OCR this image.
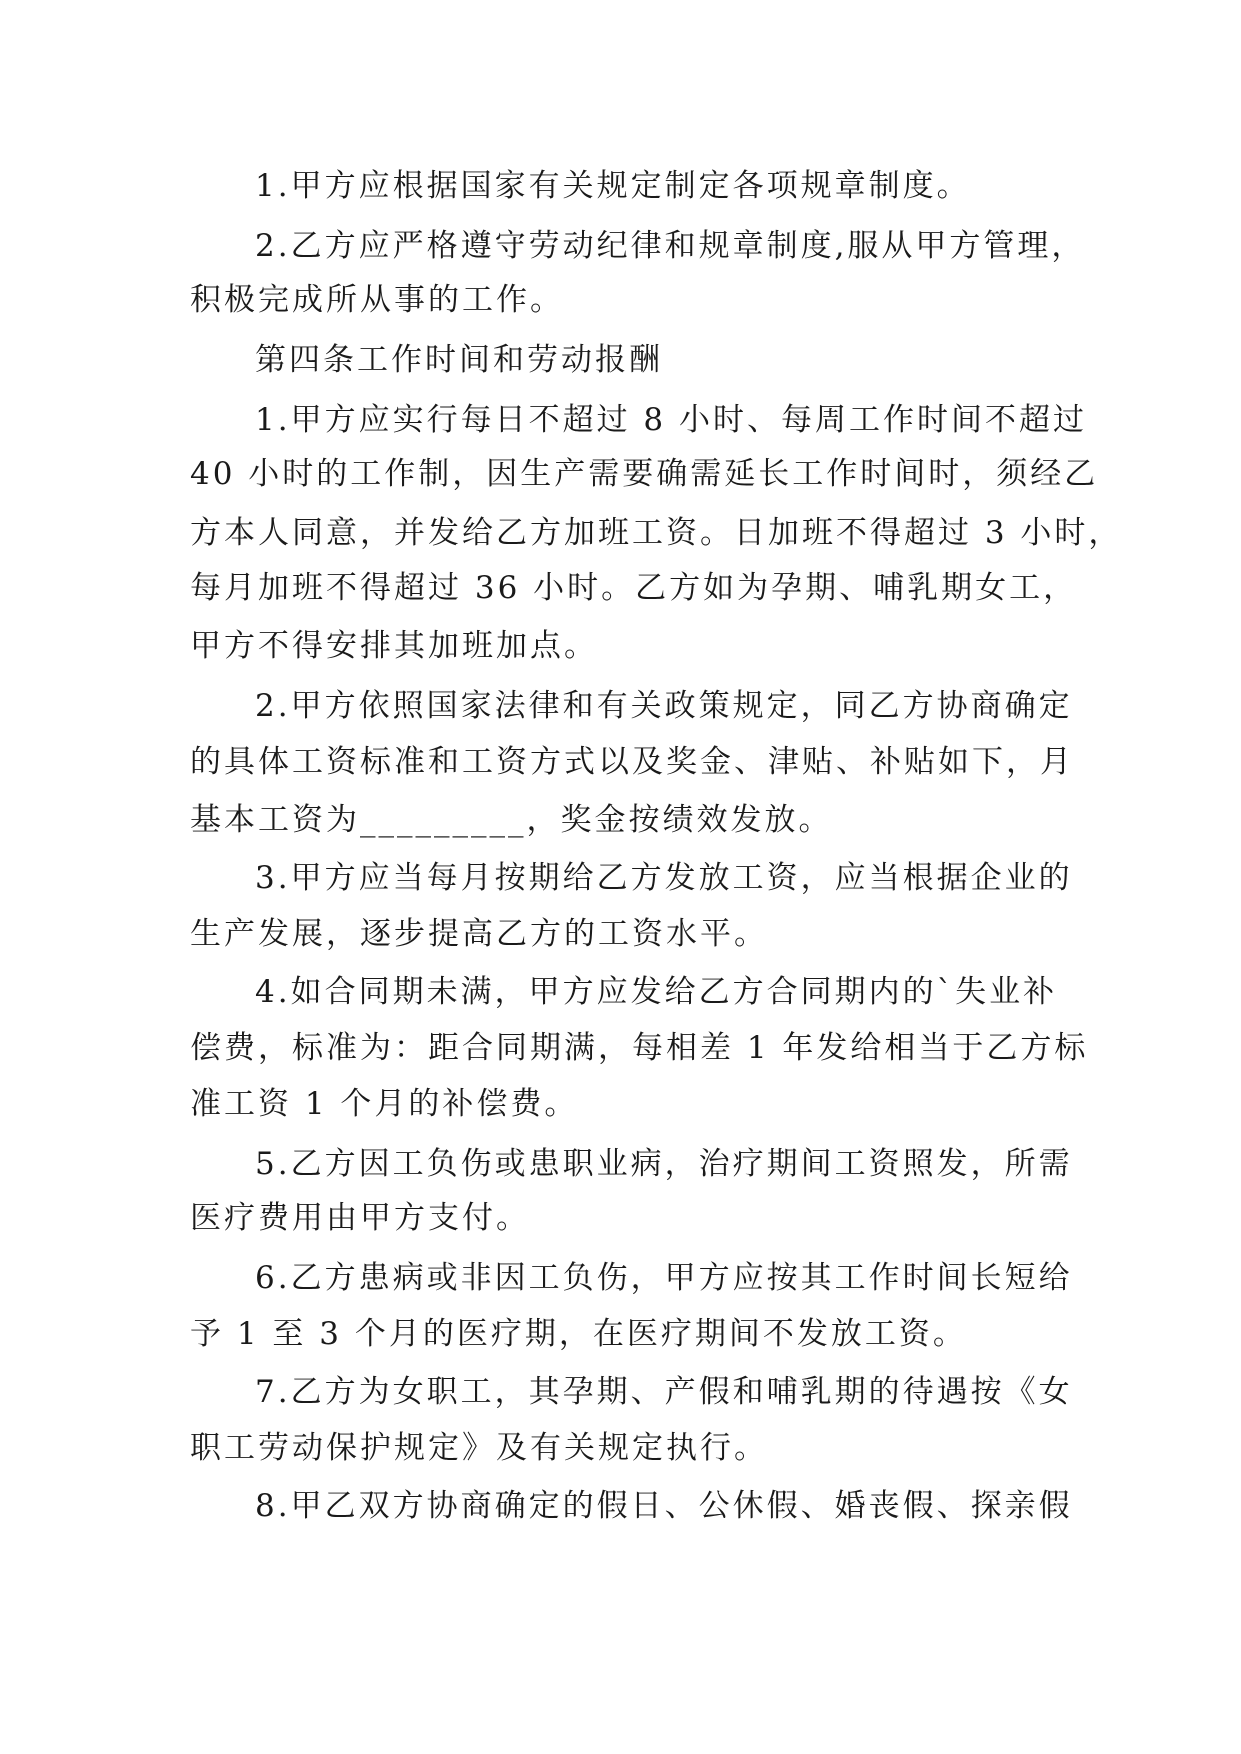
1.甲方应根据国家有关规定制定各项规章制度。
2.乙方应严格遵守劳动纪律和规章制度,服从甲方管理，
积极完成所从事的工作。
第四条工作时间和劳动报酬
1.甲方应实行每日不超过 8 小时、每周工作时间不超过
40 小时的工作制，因生产需要确需延长工作时间时，须经乙
方本人同意，并发给乙方加班工资。日加班不得超过 3 小时，
每月加班不得超过 36 小时。乙方如为孕期、哺乳期女工，
甲方不得安排其加班加点。
2.甲方依照国家法律和有关政策规定，同乙方协商确定
的具体工资标准和工资方式以及奖金、津贴、补贴如下，月
基本工资为_________，奖金按绩效发放。
3.甲方应当每月按期给乙方发放工资，应当根据企业的
生产发展，逐步提高乙方的工资水平。
4.如合同期未满，甲方应发给乙方合同期内的`失业补
偿费，标准为：距合同期满，每相差 1 年发给相当于乙方标
准工资 1 个月的补偿费。
5.乙方因工负伤或患职业病，治疗期间工资照发，所需
医疗费用由甲方支付。
6.乙方患病或非因工负伤，甲方应按其工作时间长短给
予 1 至 3 个月的医疗期，在医疗期间不发放工资。
7.乙方为女职工，其孕期、产假和哺乳期的待遇按《女
职工劳动保护规定》及有关规定执行。
8.甲乙双方协商确定的假日、公休假、婚丧假、探亲假
